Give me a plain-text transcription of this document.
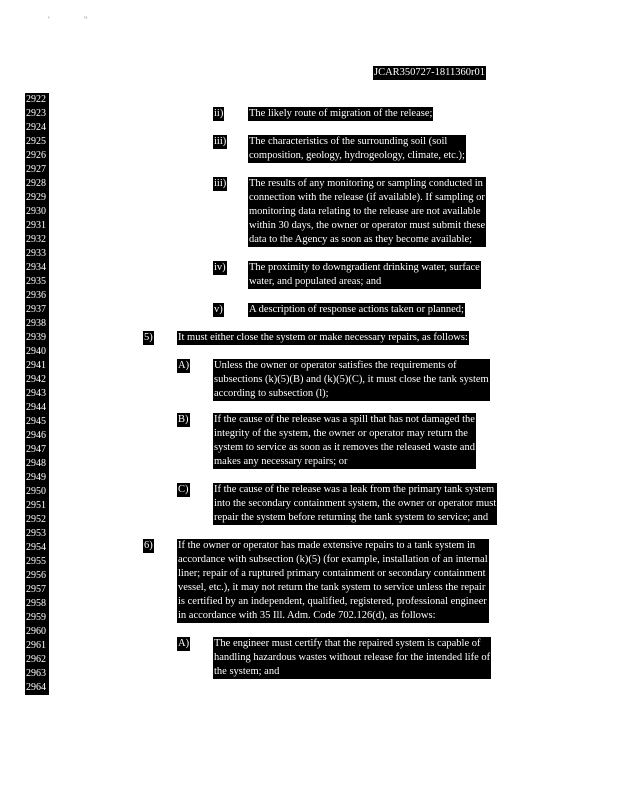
'	"
JCAR350727-1811360r01
2922
2923
2924
2925
2926
2927
2928
2929
2930
2931
2932
2933
2934
2935
2936
2937
2938
2939
2940
2941
2942
2943
2944
2945
2946
2947
2948
2949
2950
2951
2952
2953
2954
2955
2956
2957
2958
2959
2960
2961
2962
2963
2964
ii) The likely route of migration of the release;
iii) The characteristics of the surrounding soil (soil
composition, geology, hydrogeology, climate, etc.);
iii) The results of any monitoring or sampling conducted in
connection with the release (if available). If sampling or
monitoring data relating to the release are not available
within 30 days, the owner or operator must submit these
data to the Agency as soon as they become available;
iv) The proximity to downgradient drinking water, surface
water, and populated areas; and
v)	A description of response actions taken or planned;
5) It must either close the system or make necessary repairs, as follows:
A) Unless the owner or operator satisfies the requirements of
subsections (k)(5)(B) and (k)(5)(C), it must close the tank system
according to subsection (l);
B) If the cause of the release was a spill that has not damaged the
integrity of the system, the owner or operator may return the
system to service as soon as it removes the released waste and
makes any necessary repairs; or
C) If the cause of the release was a leak from the primary tank system
into the secondary containment system, the owner or operator must
repair the system before returning the tank system to service; and
6) If the owner or operator has made extensive repairs to a tank system in
accordance with subsection (k)(5) (for example, installation of an internal
liner; repair of a ruptured primary containment or secondary containment
vessel, etc.), it may not return the tank system to service unless the repair
is certified by an independent, qualified, registered, professional engineer
in accordance with 35 Ill. Adm. Code 702.126(d), as follows:
A) The engineer must certify that the repaired system is capable of
handling hazardous wastes without release for the intended life of
the system; and
